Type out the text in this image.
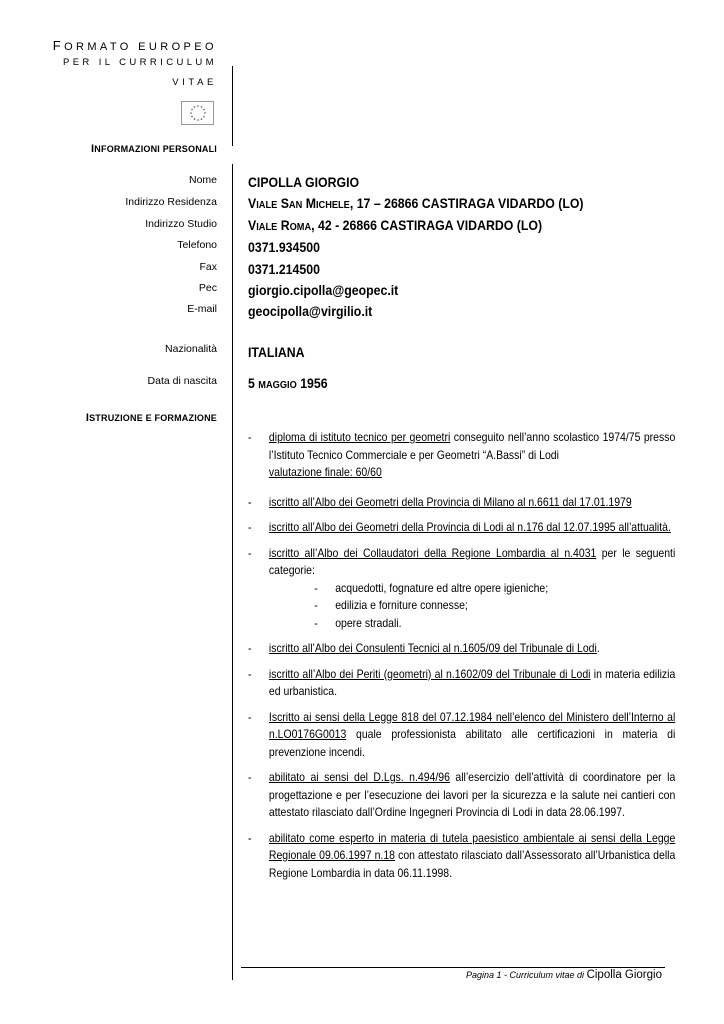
FORMATO EUROPEO
PER IL CURRICULUM
VITAE
INFORMAZIONI PERSONALI
Nome CIPOLLA GIORGIO
Indirizzo Residenza VIALE SAN MICHELE, 17 – 26866 CASTIRAGA VIDARDO (LO)
Indirizzo Studio VIALE ROMA, 42 - 26866 CASTIRAGA VIDARDO (LO)
Telefono 0371.934500
Fax 0371.214500
Pec giorgio.cipolla@geopec.it
E-mail geocipolla@virgilio.it
Nazionalità ITALIANA
Data di nascita 5 MAGGIO 1956
ISTRUZIONE E FORMAZIONE

- diploma di istituto tecnico per geometri conseguito nell’anno scolastico 1974/75 presso l’Istituto Tecnico Commerciale e per Geometri “A.Bassi” di Lodi
valutazione finale: 60/60

- iscritto all’Albo dei Geometri della Provincia di Milano al n.6611 dal 17.01.1979

- iscritto all’Albo dei Geometri della Provincia di Lodi al n.176 dal 12.07.1995 all’attualità.

- iscritto all’Albo dei Collaudatori della Regione Lombardia al n.4031 per le seguenti categorie:

- acquedotti, fognature ed altre opere igieniche;

- edilizia e forniture connesse;

- opere stradali.

- iscritto all’Albo dei Consulenti Tecnici al n.1605/09 del Tribunale di Lodi.

- iscritto all’Albo dei Periti (geometri) al n.1602/09 del Tribunale di Lodi in materia edilizia ed urbanistica.

- Iscritto ai sensi della Legge 818 del 07.12.1984 nell’elenco del Ministero dell’Interno al n.LO0176G0013 quale professionista abilitato alle certificazioni in materia di prevenzione incendi.

- abilitato ai sensi del D.Lgs. n.494/96 all’esercizio dell’attività di coordinatore per la progettazione e per l’esecuzione dei lavori per la sicurezza e la salute nei cantieri con attestato rilasciato dall’Ordine Ingegneri Provincia di Lodi in data 28.06.1997.

- abilitato come esperto in materia di tutela paesistico ambientale ai sensi della Legge Regionale 09.06.1997 n.18 con attestato rilasciato dall’Assessorato all’Urbanistica della Regione Lombardia in data 06.11.1998.

Pagina 1 - Curriculum vitae di Cipolla Giorgio
